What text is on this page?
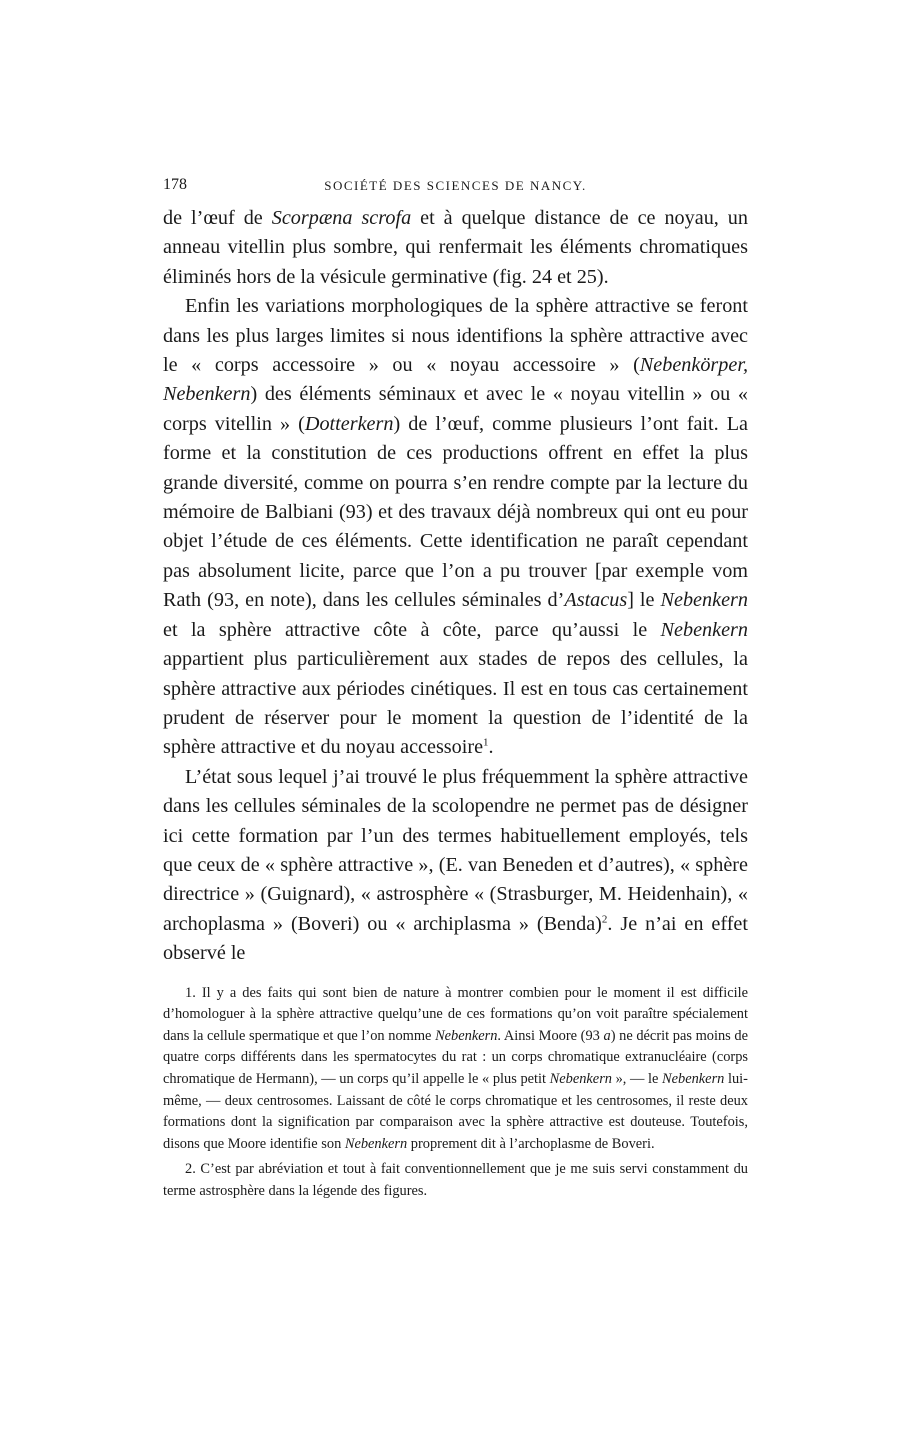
178	SOCIÉTÉ DES SCIENCES DE NANCY.

de l’œuf de Scorpæna scrofa et à quelque distance de ce noyau, un anneau vitellin plus sombre, qui renfermait les éléments chromatiques éliminés hors de la vésicule germinative (fig. 24 et 25).

Enfin les variations morphologiques de la sphère attractive se feront dans les plus larges limites si nous identifions la sphère attractive avec le « corps accessoire » ou « noyau accessoire » (Nebenkörper, Nebenkern) des éléments séminaux et avec le « noyau vitellin » ou « corps vitellin » (Dotterkern) de l’œuf, comme plusieurs l’ont fait. La forme et la constitution de ces productions offrent en effet la plus grande diversité, comme on pourra s’en rendre compte par la lecture du mémoire de Balbiani (93) et des travaux déjà nombreux qui ont eu pour objet l’étude de ces éléments. Cette identification ne paraît cependant pas absolument licite, parce que l’on a pu trouver [par exemple vom Rath (93, en note), dans les cellules séminales d’Astacus] le Nebenkern et la sphère attractive côte à côte, parce qu’aussi le Nebenkern appartient plus particulièrement aux stades de repos des cellules, la sphère attractive aux périodes cinétiques. Il est en tous cas certainement prudent de réserver pour le moment la question de l’identité de la sphère attractive et du noyau accessoire$^1$.

L’état sous lequel j’ai trouvé le plus fréquemment la sphère attractive dans les cellules séminales de la scolopendre ne permet pas de désigner ici cette formation par l’un des termes habituellement employés, tels que ceux de « sphère attractive », (E. van Beneden et d’autres), « sphère directrice » (Guignard), « astrosphère « (Strasburger, M. Heidenhain), « archoplasma » (Boveri) ou « archiplasma » (Benda)$^2$. Je n’ai en effet observé le

1. Il y a des faits qui sont bien de nature à montrer combien pour le moment il est difficile d’homologuer à la sphère attractive quelqu’une de ces formations qu’on voit paraître spécialement dans la cellule spermatique et que l’on nomme Nebenkern. Ainsi Moore (93 a) ne décrit pas moins de quatre corps différents dans les spermatocytes du rat : un corps chromatique extranucléaire (corps chromatique de Hermann), — un corps qu’il appelle le « plus petit Nebenkern », — le Nebenkern lui-même, — deux centrosomes. Laissant de côté le corps chromatique et les centrosomes, il reste deux formations dont la signification par comparaison avec la sphère attractive est douteuse. Toutefois, disons que Moore identifie son Nebenkern proprement dit à l’archoplasme de Boveri.

2. C’est par abréviation et tout à fait conventionnellement que je me suis servi constamment du terme astrosphère dans la légende des figures.
